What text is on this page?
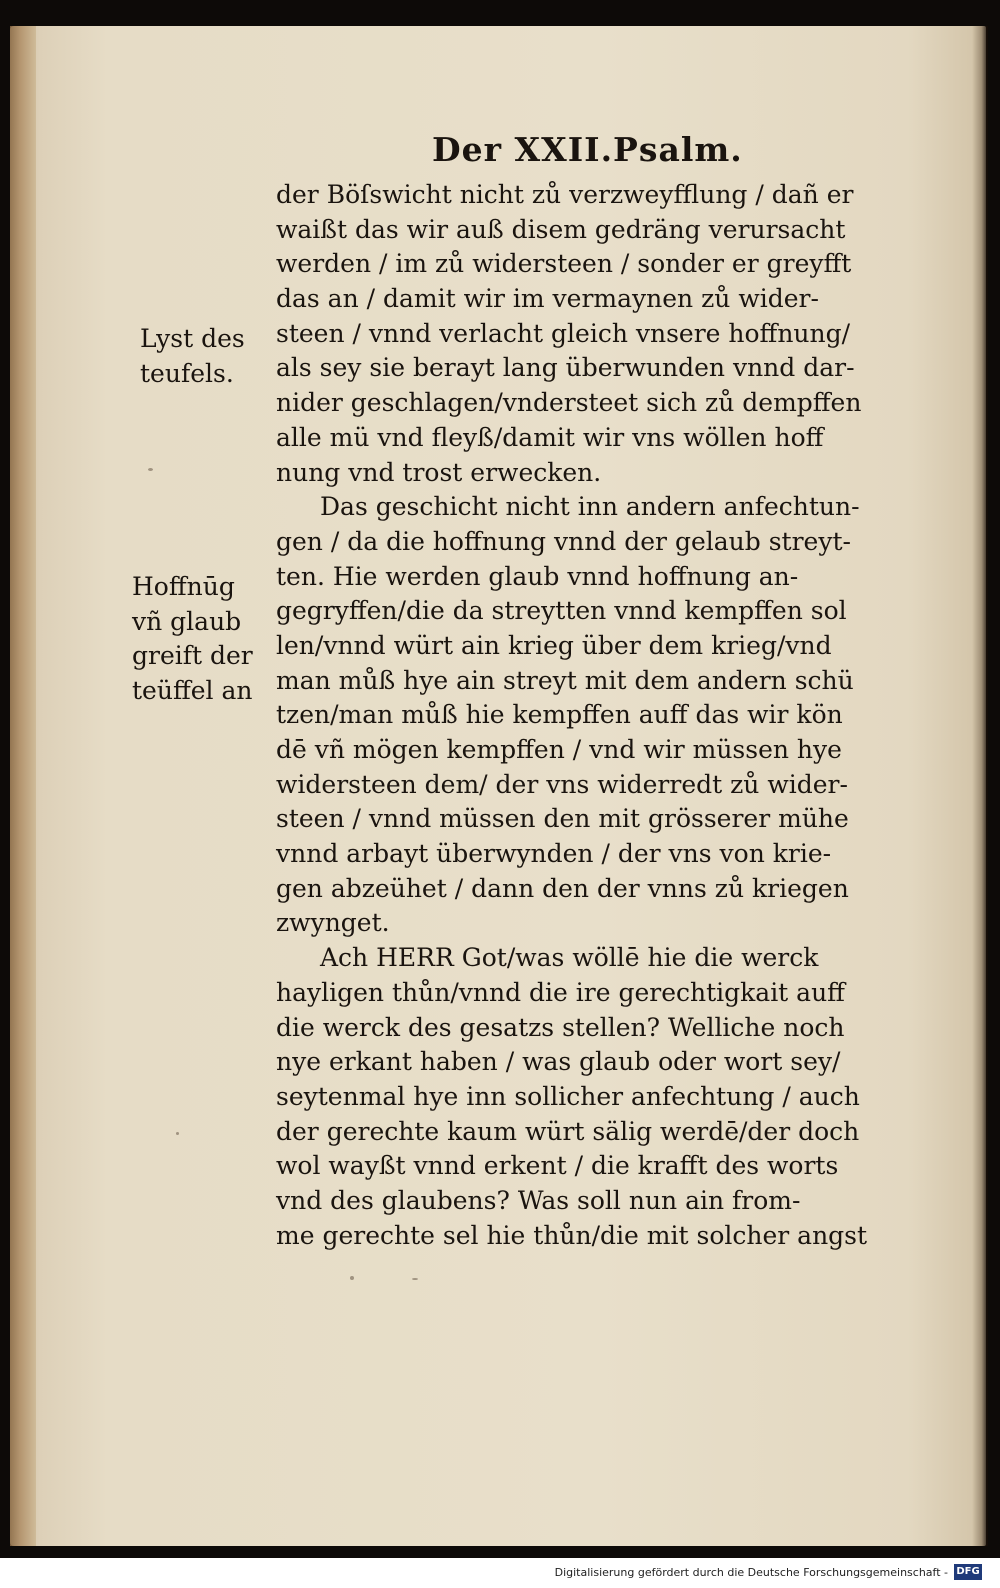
Der XXII.Psalm.
Lyst des
teufels.
Hoffnūg
vñ glaub
greift der
teüffel an
der Böſswicht nicht zů verzweyfflung / dañ er
waißt das wir auß disem gedräng verursacht
werden / im zů widersteen / sonder er greyfft
das an / damit wir im vermaynen zů wider-
steen / vnnd verlacht gleich vnsere hoffnung/
als sey sie berayt lang überwunden vnnd dar-
nider geschlagen/vndersteet sich zů dempffen
alle mü vnd fleyß/damit wir vns wöllen hoff
nung vnd trost erwecken.
Das geschicht nicht inn andern anfechtun-
gen / da die hoffnung vnnd der gelaub streyt-
ten. Hie werden glaub vnnd hoffnung an-
gegryffen/die da streytten vnnd kempffen sol
len/vnnd würt ain krieg über dem krieg/vnd
man můß hye ain streyt mit dem andern schü
tzen/man můß hie kempffen auff das wir kön
dē vñ mögen kempffen / vnd wir müssen hye
widersteen dem/ der vns widerredt zů wider-
steen / vnnd müssen den mit grösserer mühe
vnnd arbayt überwynden / der vns von krie-
gen abzeühet / dann den der vnns zů kriegen
zwynget.
Ach HERR Got/was wöllē hie die werck
hayligen thůn/vnnd die ire gerechtigkait auff
die werck des gesatzs stellen? Welliche noch
nye erkant haben / was glaub oder wort sey/
seytenmal hye inn sollicher anfechtung / auch
der gerechte kaum würt sälig werdē/der doch
wol wayßt vnnd erkent / die krafft des worts
vnd des glaubens? Was soll nun ain from-
me gerechte sel hie thůn/die mit solcher angst
Digitalisierung gefördert durch die Deutsche Forschungsgemeinschaft - DFG
